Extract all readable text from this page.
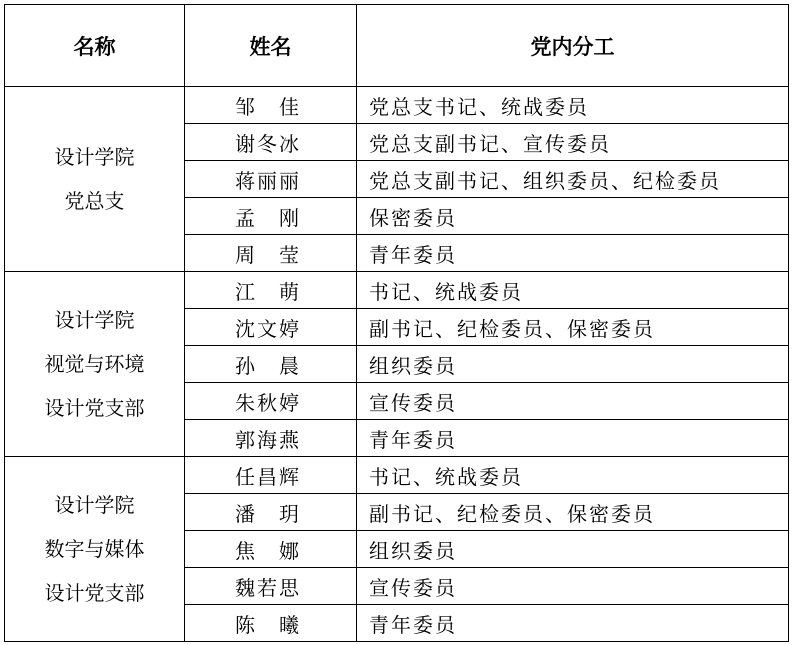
名称	姓名	党内分工

设计学院
党总支	邹　佳	党总支书记、统战委员
	谢冬冰	党总支副书记、宣传委员
	蒋丽丽	党总支副书记、组织委员、纪检委员
	孟　刚	保密委员
	周　莹	青年委员

设计学院
视觉与环境
设计党支部	江　萌	书记、统战委员
	沈文婷	副书记、纪检委员、保密委员
	孙　晨	组织委员
	朱秋婷	宣传委员
	郭海燕	青年委员

设计学院
数字与媒体
设计党支部	任昌辉	书记、统战委员
	潘　玥	副书记、纪检委员、保密委员
	焦　娜	组织委员
	魏若思	宣传委员
	陈　曦	青年委员
